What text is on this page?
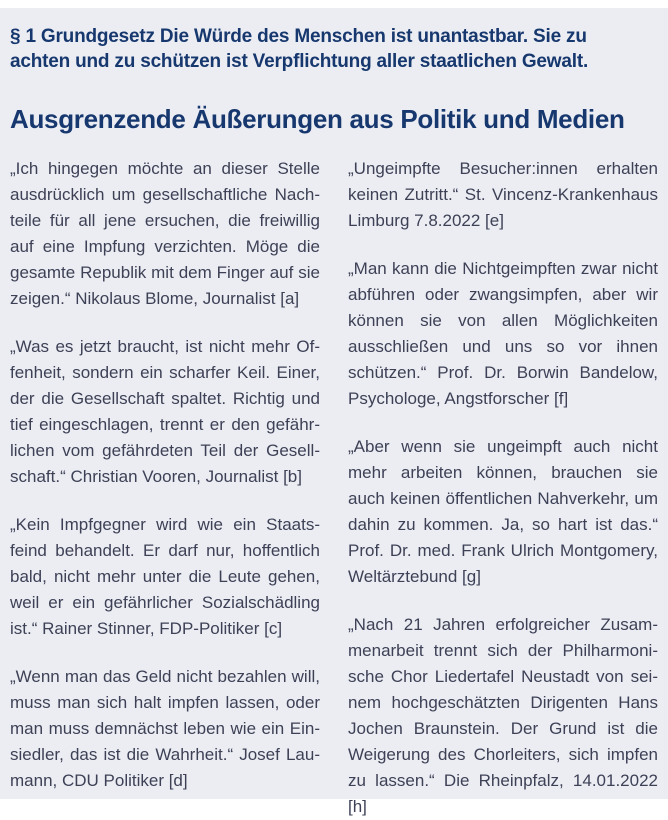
§ 1 Grundgesetz Die Würde des Menschen ist unantastbar. Sie zu achten und zu schützen ist Verpflichtung aller staatlichen Gewalt.
Ausgrenzende Äußerungen aus Politik und Medien

„Ich hingegen möchte an dieser Stelle ausdrücklich um gesellschaftliche Nachteile für all jene ersuchen, die freiwillig auf eine Impfung verzichten. Möge die gesamte Republik mit dem Finger auf sie zeigen.“ Nikolaus Blome, Journalist [a]

„Was es jetzt braucht, ist nicht mehr Offenheit, sondern ein scharfer Keil. Einer, der die Gesellschaft spaltet. Richtig und tief eingeschlagen, trennt er den gefährlichen vom gefährdeten Teil der Gesellschaft.“ Christian Vooren, Journalist [b]

„Kein Impfgegner wird wie ein Staatsfeind behandelt. Er darf nur, hoffentlich bald, nicht mehr unter die Leute gehen, weil er ein gefährlicher Sozialschädling ist.“ Rainer Stinner, FDP-Politiker [c]

„Wenn man das Geld nicht bezahlen will, muss man sich halt impfen lassen, oder man muss demnächst leben wie ein Einsiedler, das ist die Wahrheit.“ Josef Laumann, CDU Politiker [d]

„Ungeimpfte Besucher:innen erhalten keinen Zutritt.“ St. Vincenz-Krankenhaus Limburg 7.8.2022 [e]

„Man kann die Nichtgeimpften zwar nicht abführen oder zwangsimpfen, aber wir können sie von allen Möglichkeiten ausschließen und uns so vor ihnen schützen.“ Prof. Dr. Borwin Bandelow, Psychologe, Angstforscher [f]

„Aber wenn sie ungeimpft auch nicht mehr arbeiten können, brauchen sie auch keinen öffentlichen Nahverkehr, um dahin zu kommen. Ja, so hart ist das.“ Prof. Dr. med. Frank Ulrich Montgomery, Weltärztebund [g]

„Nach 21 Jahren erfolgreicher Zusammenarbeit trennt sich der Philharmonische Chor Liedertafel Neustadt von seinem hochgeschätzten Dirigenten Hans Jochen Braunstein. Der Grund ist die Weigerung des Chorleiters, sich impfen zu lassen.“ Die Rheinpfalz, 14.01.2022 [h]
